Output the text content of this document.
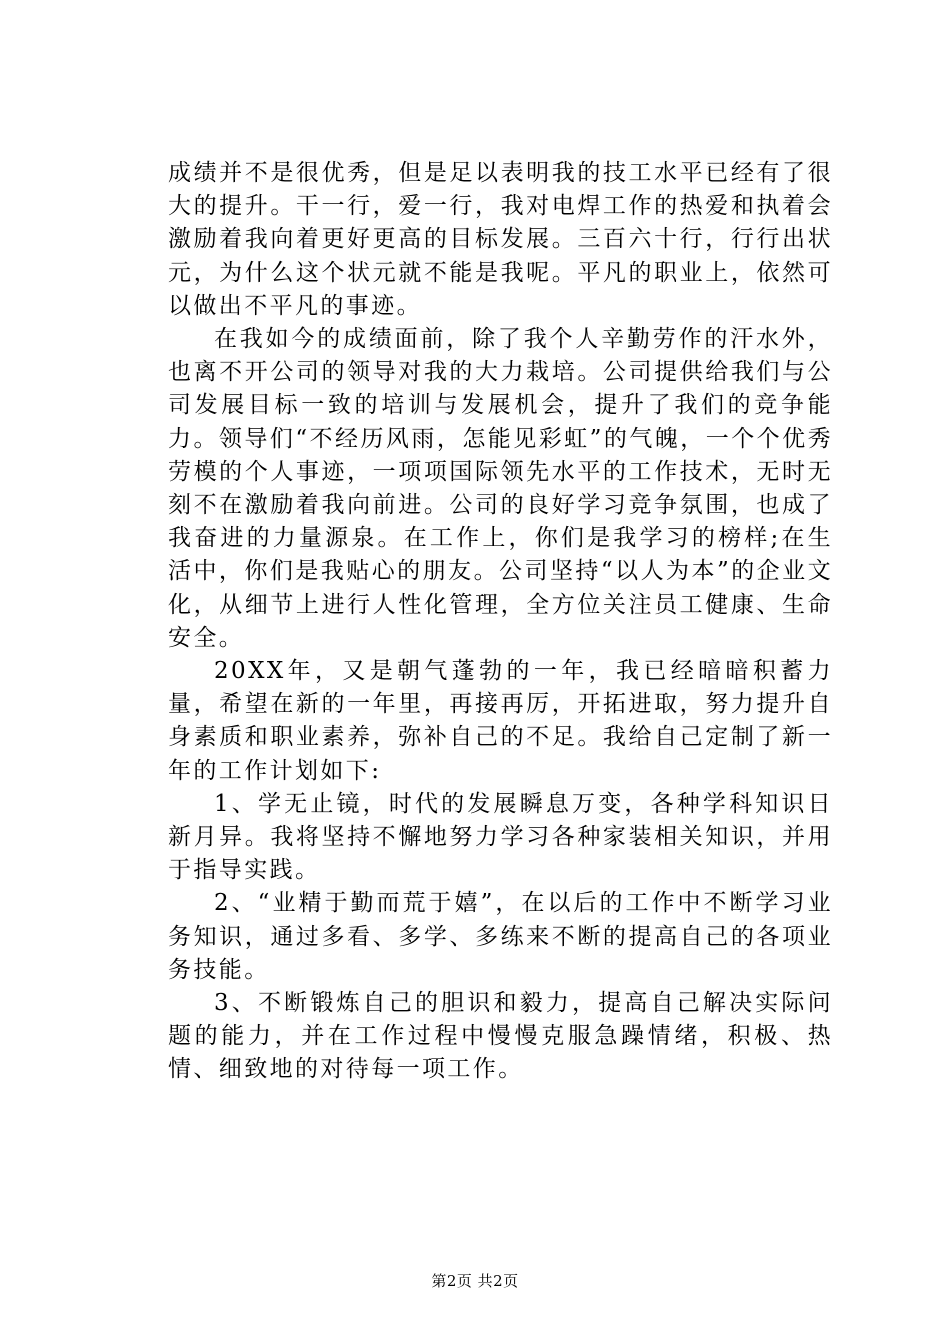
成绩并不是很优秀，但是足以表明我的技工水平已经有了很大的提升。干一行，爱一行，我对电焊工作的热爱和执着会激励着我向着更好更高的目标发展。三百六十行，行行出状元，为什么这个状元就不能是我呢。平凡的职业上，依然可以做出不平凡的事迹。

在我如今的成绩面前，除了我个人辛勤劳作的汗水外，也离不开公司的领导对我的大力栽培。公司提供给我们与公司发展目标一致的培训与发展机会，提升了我们的竞争能力。领导们“不经历风雨，怎能见彩虹”的气魄，一个个优秀劳模的个人事迹，一项项国际领先水平的工作技术，无时无刻不在激励着我向前进。公司的良好学习竞争氛围，也成了我奋进的力量源泉。在工作上，你们是我学习的榜样;在生活中，你们是我贴心的朋友。公司坚持“以人为本”的企业文化，从细节上进行人性化管理，全方位关注员工健康、生命安全。

20XX年，又是朝气蓬勃的一年，我已经暗暗积蓄力量，希望在新的一年里，再接再厉，开拓进取，努力提升自身素质和职业素养，弥补自己的不足。我给自己定制了新一年的工作计划如下:

1、学无止镜，时代的发展瞬息万变，各种学科知识日新月异。我将坚持不懈地努力学习各种家装相关知识，并用于指导实践。

2、“业精于勤而荒于嬉”，在以后的工作中不断学习业务知识，通过多看、多学、多练来不断的提高自己的各项业务技能。

3、不断锻炼自己的胆识和毅力，提高自己解决实际问题的能力，并在工作过程中慢慢克服急躁情绪，积极、热情、细致地的对待每一项工作。

第2页 共2页
